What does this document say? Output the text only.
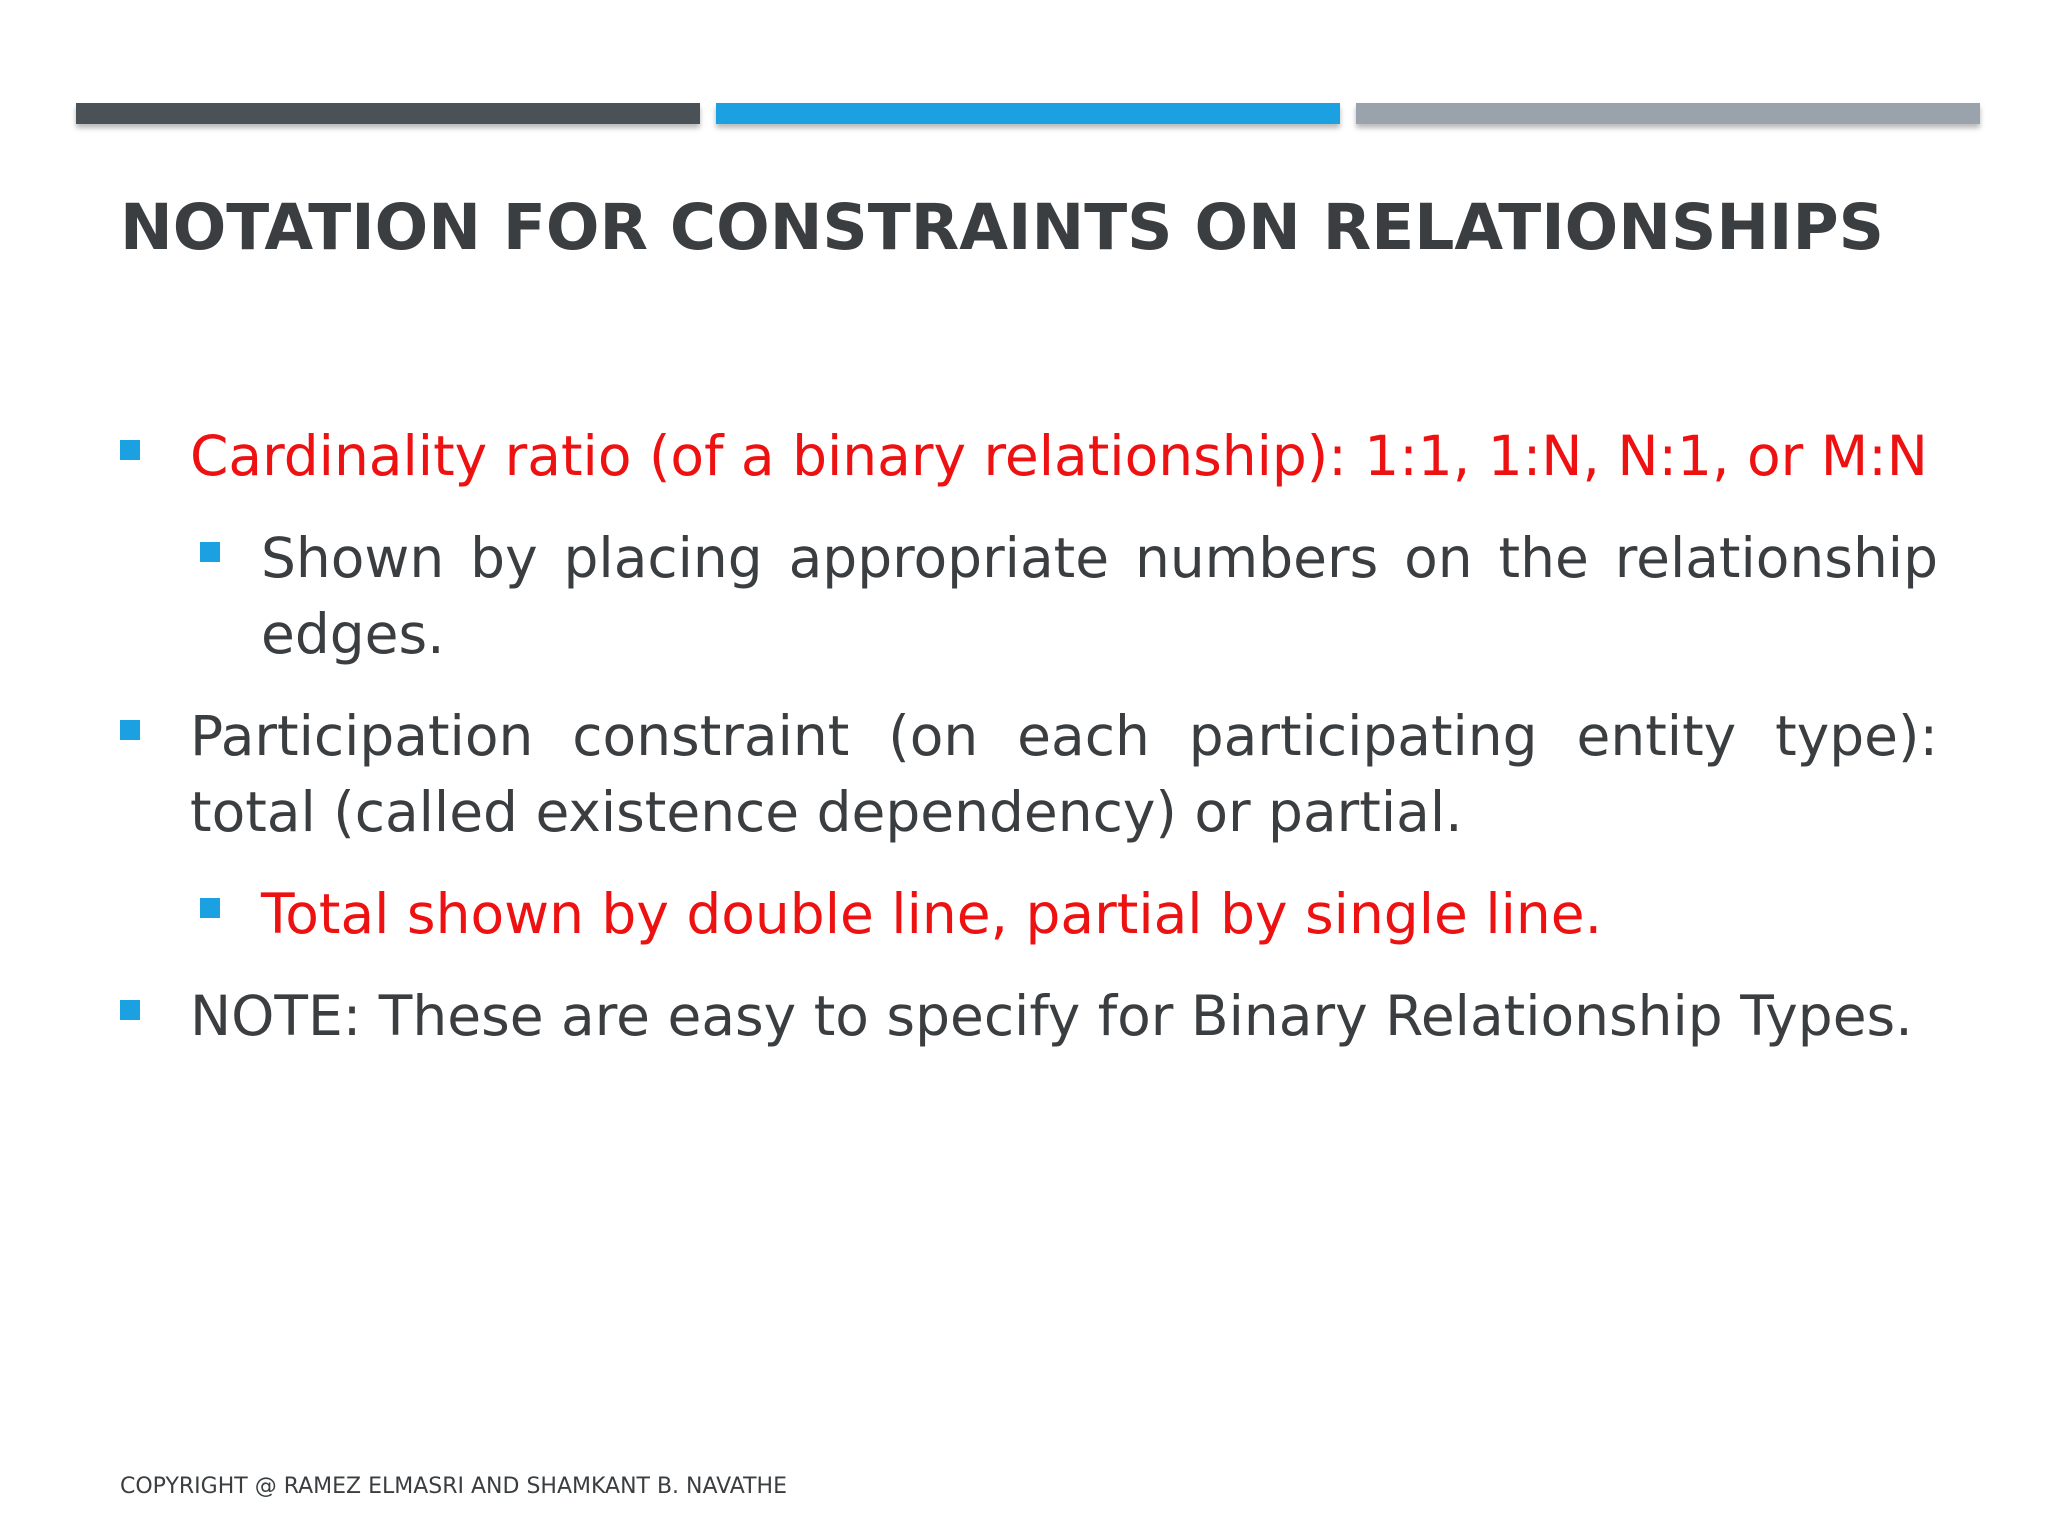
NOTATION FOR CONSTRAINTS ON RELATIONSHIPS
Cardinality ratio (of a binary relationship): 1:1, 1:N, N:1, or M:N
Shown by placing appropriate numbers on the relationship edges.
Participation constraint (on each participating entity type): total (called existence dependency) or partial.
Total shown by double line, partial by single line.
NOTE: These are easy to specify for Binary Relationship Types.
COPYRIGHT @ RAMEZ ELMASRI AND SHAMKANT B. NAVATHE
